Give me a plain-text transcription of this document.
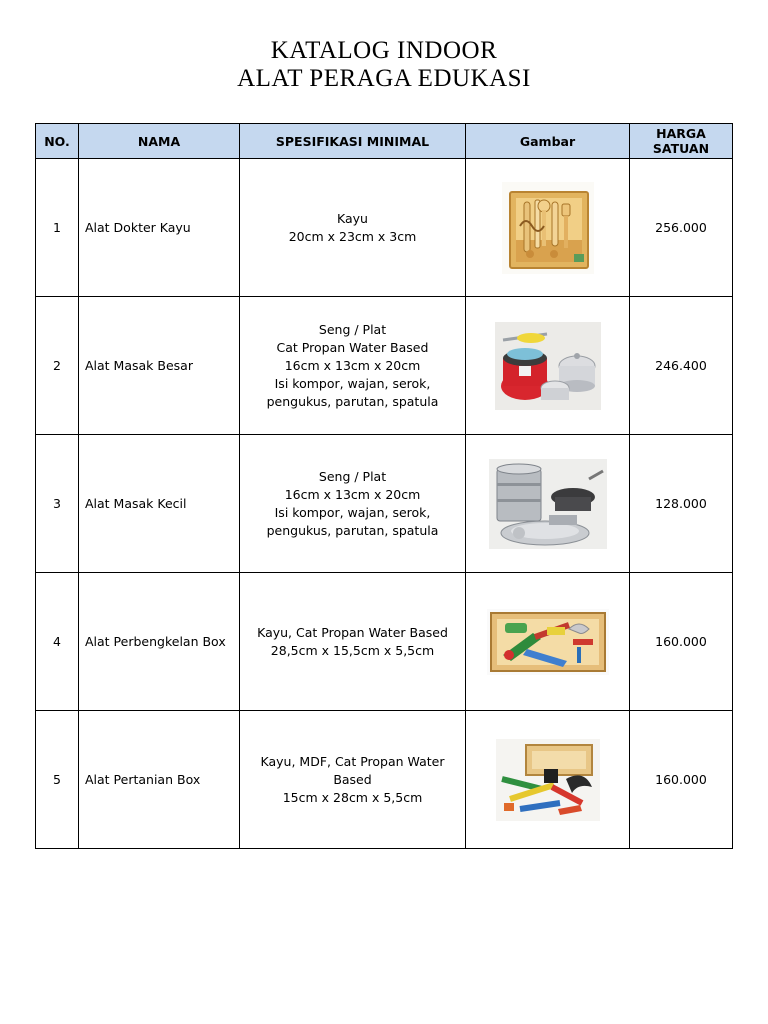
KATALOG INDOOR
ALAT PERAGA EDUKASI
NO.	NAMA	SPESIFIKASI MINIMAL	Gambar	HARGA
SATUAN
1	Alat Dokter Kayu	Kayu
20cm x 23cm x 3cm		256.000
2	Alat Masak Besar	Seng / Plat
Cat Propan Water Based
16cm x 13cm x 20cm
Isi kompor, wajan, serok,
pengukus, parutan, spatula		246.400
3	Alat Masak Kecil	Seng / Plat
16cm x 13cm x 20cm
Isi kompor, wajan, serok,
pengukus, parutan, spatula		128.000
4	Alat Perbengkelan Box	Kayu, Cat Propan Water Based
28,5cm x 15,5cm x 5,5cm		160.000
5	Alat Pertanian Box	Kayu, MDF, Cat Propan Water
Based
15cm x 28cm x 5,5cm		160.000
